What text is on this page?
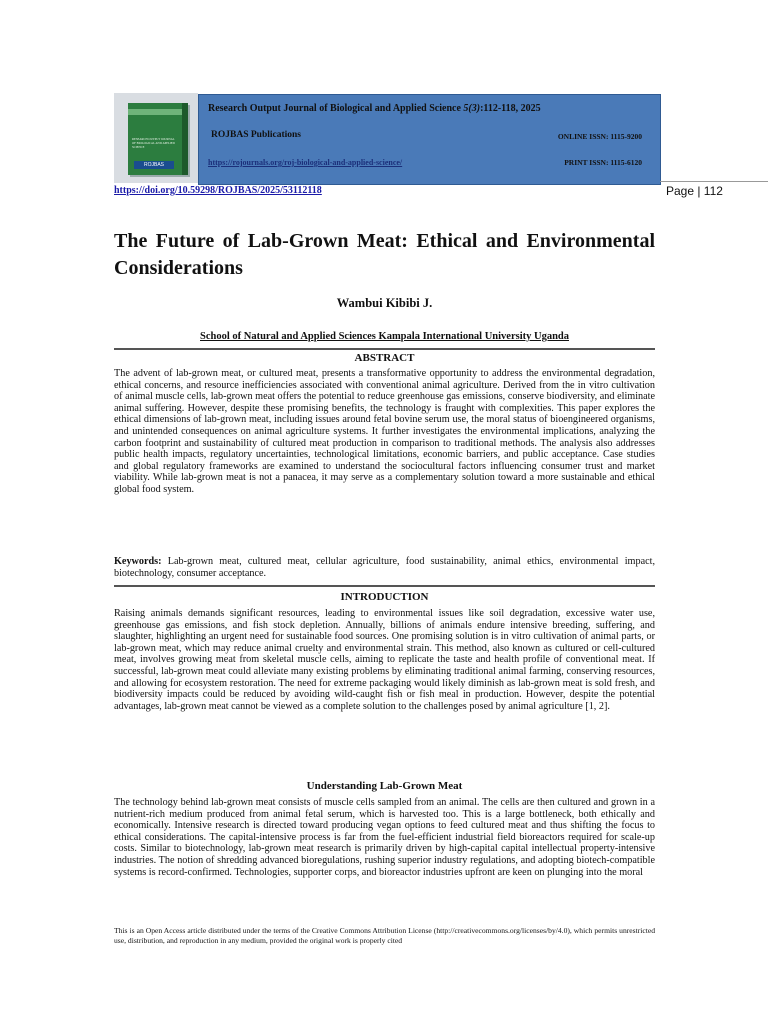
RESEARCH OUTPUT JOURNAL OF BIOLOGICAL AND APPLIED SCIENCE
ROJBAS
Research Output Journal of Biological and Applied Science 5(3):112-118, 2025
ROJBAS Publications	ONLINE ISSN: 1115-9200
https://rojournals.org/roj-biological-and-applied-science/	PRINT ISSN: 1115-6120
https://doi.org/10.59298/ROJBAS/2025/53112118	Page | 112
The Future of Lab-Grown Meat: Ethical and Environmental Considerations
Wambui Kibibi J.
School of Natural and Applied Sciences Kampala International University Uganda
ABSTRACT
The advent of lab-grown meat, or cultured meat, presents a transformative opportunity to address the environmental degradation, ethical concerns, and resource inefficiencies associated with conventional animal agriculture. Derived from the in vitro cultivation of animal muscle cells, lab-grown meat offers the potential to reduce greenhouse gas emissions, conserve biodiversity, and eliminate animal suffering. However, despite these promising benefits, the technology is fraught with complexities. This paper explores the ethical dimensions of lab-grown meat, including issues around fetal bovine serum use, the moral status of bioengineered organisms, and unintended consequences on animal agriculture systems. It further investigates the environmental implications, analyzing the carbon footprint and sustainability of cultured meat production in comparison to traditional methods. The analysis also addresses public health impacts, regulatory uncertainties, technological limitations, economic barriers, and public acceptance. Case studies and global regulatory frameworks are examined to understand the sociocultural factors influencing consumer trust and market viability. While lab-grown meat is not a panacea, it may serve as a complementary solution toward a more sustainable and ethical global food system.
Keywords: Lab-grown meat, cultured meat, cellular agriculture, food sustainability, animal ethics, environmental impact, biotechnology, consumer acceptance.
INTRODUCTION
Raising animals demands significant resources, leading to environmental issues like soil degradation, excessive water use, greenhouse gas emissions, and fish stock depletion. Annually, billions of animals endure intensive breeding, suffering, and slaughter, highlighting an urgent need for sustainable food sources. One promising solution is in vitro cultivation of animal parts, or lab-grown meat, which may reduce animal cruelty and environmental strain. This method, also known as cultured or cell-cultured meat, involves growing meat from skeletal muscle cells, aiming to replicate the taste and health profile of conventional meat. If successful, lab-grown meat could alleviate many existing problems by eliminating traditional animal farming, conserving resources, and allowing for ecosystem restoration. The need for extreme packaging would likely diminish as lab-grown meat is sold fresh, and biodiversity impacts could be reduced by avoiding wild-caught fish or fish meal in production. However, despite the potential advantages, lab-grown meat cannot be viewed as a complete solution to the challenges posed by animal agriculture [1, 2].
Understanding Lab-Grown Meat
The technology behind lab-grown meat consists of muscle cells sampled from an animal. The cells are then cultured and grown in a nutrient-rich medium produced from animal fetal serum, which is harvested too. This is a large bottleneck, both ethically and economically. Intensive research is directed toward producing vegan options to feed cultured meat and thus shifting the focus to ethical considerations. The capital-intensive process is far from the fuel-efficient industrial field bioreactors required for scale-up costs. Similar to biotechnology, lab-grown meat research is primarily driven by high-capital capital intellectual property-intensive industries. The notion of shredding advanced bioregulations, rushing superior industry regulations, and adopting biotech-compatible systems is record-confirmed. Technologies, supporter corps, and bioreactor industries upfront are keen on plunging into the moral
This is an Open Access article distributed under the terms of the Creative Commons Attribution License (http://creativecommons.org/licenses/by/4.0), which permits unrestricted use, distribution, and reproduction in any medium, provided the original work is properly cited
